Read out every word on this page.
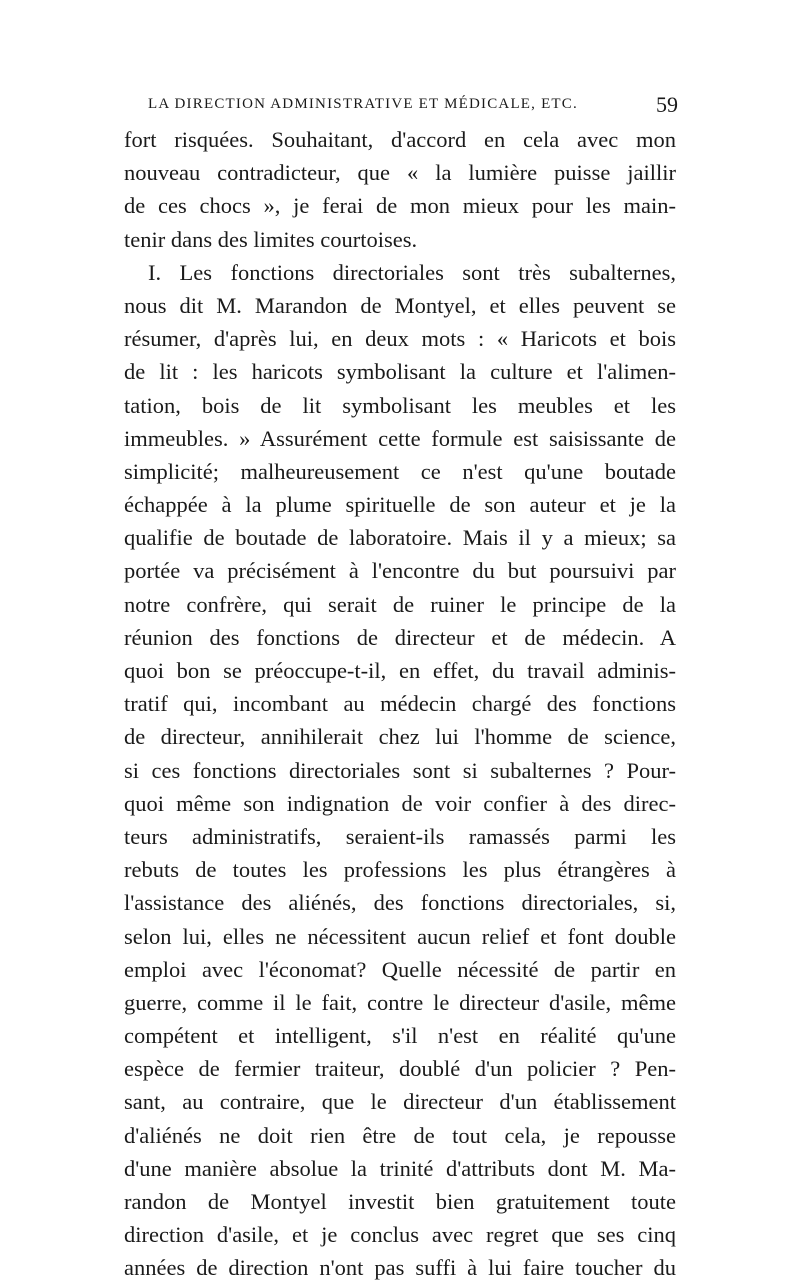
LA DIRECTION ADMINISTRATIVE ET MÉDICALE, ETC.	59
fort risquées. Souhaitant, d'accord en cela avec mon
nouveau contradicteur, que « la lumière puisse jaillir
de ces chocs », je ferai de mon mieux pour les main-
tenir dans des limites courtoises.
I. Les fonctions directoriales sont très subalternes,
nous dit M. Marandon de Montyel, et elles peuvent se
résumer, d'après lui, en deux mots : « Haricots et bois
de lit : les haricots symbolisant la culture et l'alimen-
tation, bois de lit symbolisant les meubles et les
immeubles. » Assurément cette formule est saisissante de
simplicité; malheureusement ce n'est qu'une boutade
échappée à la plume spirituelle de son auteur et je la
qualifie de boutade de laboratoire. Mais il y a mieux; sa
portée va précisément à l'encontre du but poursuivi par
notre confrère, qui serait de ruiner le principe de la
réunion des fonctions de directeur et de médecin. A
quoi bon se préoccupe-t-il, en effet, du travail adminis-
tratif qui, incombant au médecin chargé des fonctions
de directeur, annihilerait chez lui l'homme de science,
si ces fonctions directoriales sont si subalternes ? Pour-
quoi même son indignation de voir confier à des direc-
teurs administratifs, seraient-ils ramassés parmi les
rebuts de toutes les professions les plus étrangères à
l'assistance des aliénés, des fonctions directoriales, si,
selon lui, elles ne nécessitent aucun relief et font double
emploi avec l'économat? Quelle nécessité de partir en
guerre, comme il le fait, contre le directeur d'asile, même
compétent et intelligent, s'il n'est en réalité qu'une
espèce de fermier traiteur, doublé d'un policier ? Pen-
sant, au contraire, que le directeur d'un établissement
d'aliénés ne doit rien être de tout cela, je repousse
d'une manière absolue la trinité d'attributs dont M. Ma-
randon de Montyel investit bien gratuitement toute
direction d'asile, et je conclus avec regret que ses cinq
années de direction n'ont pas suffi à lui faire toucher du
